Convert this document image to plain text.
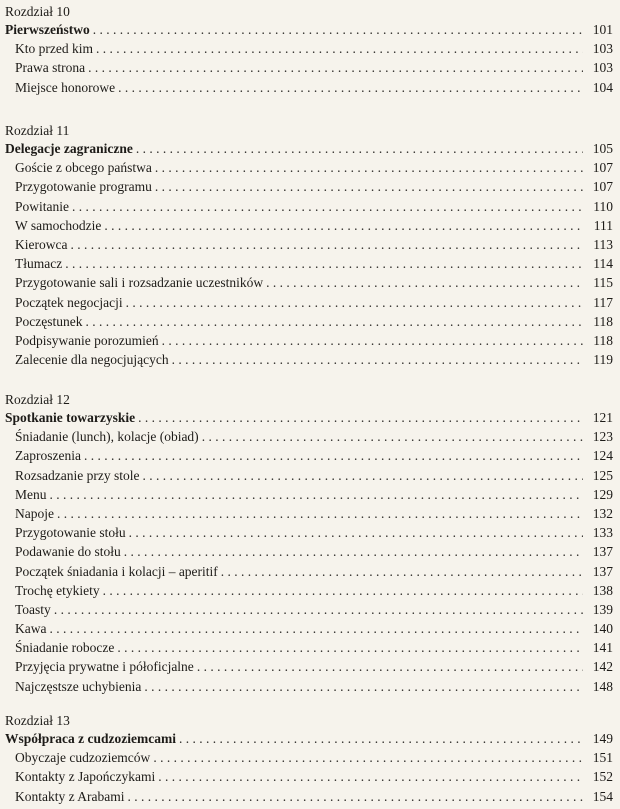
Rozdział 10
Pierwszeństwo . . .	101
Kto przed kim . . .	103
Prawa strona . . .	103
Miejsce honorowe . . .	104
Rozdział 11
Delegacje zagraniczne . . .	105
Goście z obcego państwa . . .	107
Przygotowanie programu . . .	107
Powitanie . . .	110
W samochodzie . . .	111
Kierowca . . .	113
Tłumacz . . .	114
Przygotowanie sali i rozsadzanie uczestników . . .	115
Początek negocjacji . . .	117
Poczęstunek . . .	118
Podpisywanie porozumień . . .	118
Zalecenie dla negocjujących . . .	119
Rozdział 12
Spotkanie towarzyskie . . .	121
Śniadanie (lunch), kolacje (obiad) . . .	123
Zaproszenia . . .	124
Rozsadzanie przy stole . . .	125
Menu . . .	129
Napoje . . .	132
Przygotowanie stołu . . .	133
Podawanie do stołu . . .	137
Początek śniadania i kolacji – aperitif . . .	137
Trochę etykiety . . .	138
Toasty . . .	139
Kawa . . .	140
Śniadanie robocze . . .	141
Przyjęcia prywatne i półoficjalne . . .	142
Najczęstsze uchybienia . . .	148
Rozdział 13
Współpraca z cudzoziemcami . . .	149
Obyczaje cudzoziemców . . .	151
Kontakty z Japończykami . . .	152
Kontakty z Arabami . . .	154
